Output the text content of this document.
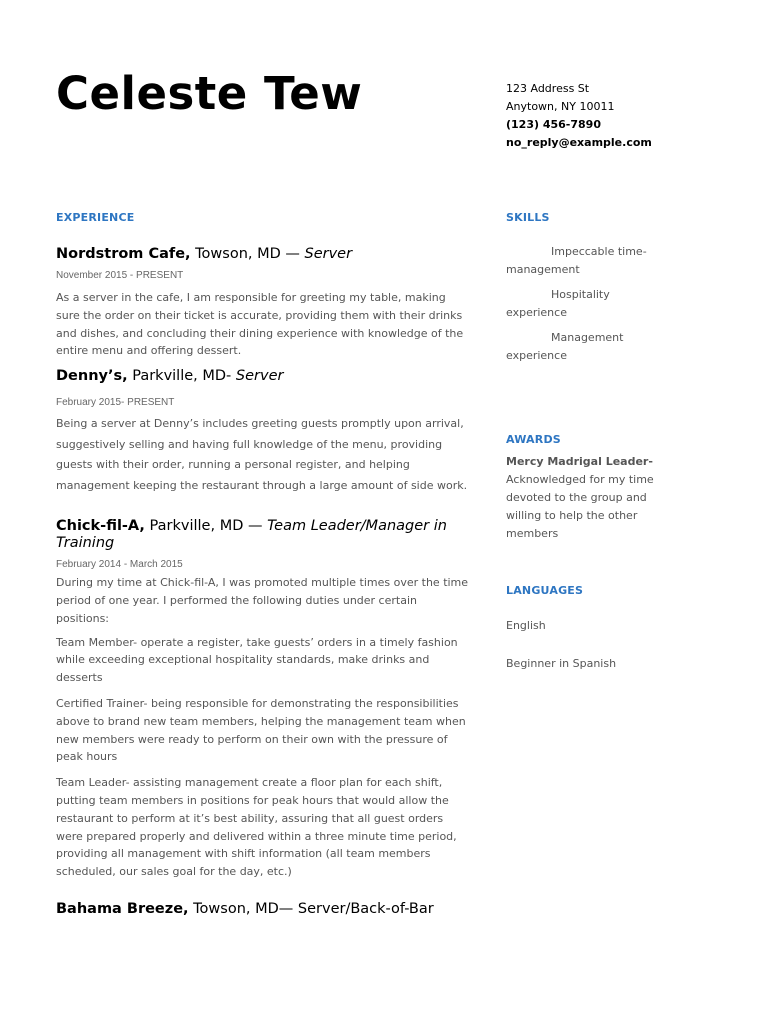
Celeste Tew	123 Address St
Anytown, NY 10011
(123) 456-7890
no_reply@example.com
EXPERIENCE
Nordstrom Cafe, Towson, MD — Server
November 2015 - PRESENT

As a server in the cafe, I am responsible for greeting my table, making sure the order on their ticket is accurate, providing them with their drinks and dishes, and concluding their dining experience with knowledge of the entire menu and offering dessert.

Denny’s, Parkville, MD- Server
February 2015- PRESENT

Being a server at Denny’s includes greeting guests promptly upon arrival, suggestively selling and having full knowledge of the menu, providing guests with their order, running a personal register, and helping management keeping the restaurant through a large amount of side work.

Chick-fil-A, Parkville, MD — Team Leader/Manager in Training
February 2014 - March 2015

During my time at Chick-fil-A, I was promoted multiple times over the time period of one year. I performed the following duties under certain positions:

Team Member- operate a register, take guests’ orders in a timely fashion while exceeding exceptional hospitality standards, make drinks and desserts

Certified Trainer- being responsible for demonstrating the responsibilities above to brand new team members, helping the management team when new members were ready to perform on their own with the pressure of peak hours

Team Leader- assisting management create a floor plan for each shift, putting team members in positions for peak hours that would allow the restaurant to perform at it’s best ability, assuring that all guest orders were prepared properly and delivered within a three minute time period, providing all management with shift information (all team members scheduled, our sales goal for the day, etc.)

Bahama Breeze, Towson, MD— Server/Back-of-Bar
SKILLS
Impeccable time-
management
Hospitality
experience
Management
experience
AWARDS
Mercy Madrigal Leader-
Acknowledged for my time devoted to the group and willing to help the other members
LANGUAGES
English
Beginner in Spanish
